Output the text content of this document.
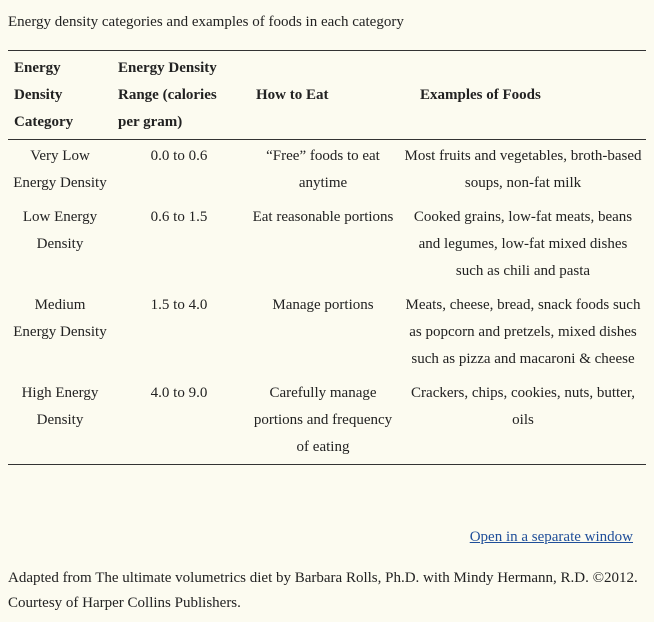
Energy density categories and examples of foods in each category
Energy Density Category	Energy Density Range (calories per gram)	How to Eat	Examples of Foods
Very Low Energy Density	0.0 to 0.6	“Free” foods to eat anytime	Most fruits and vegetables, broth-based soups, non-fat milk
Low Energy Density	0.6 to 1.5	Eat reasonable portions	Cooked grains, low-fat meats, beans and legumes, low-fat mixed dishes such as chili and pasta
Medium Energy Density	1.5 to 4.0	Manage portions	Meats, cheese, bread, snack foods such as popcorn and pretzels, mixed dishes such as pizza and macaroni & cheese
High Energy Density	4.0 to 9.0	Carefully manage portions and frequency of eating	Crackers, chips, cookies, nuts, butter, oils
Open in a separate window
Adapted from The ultimate volumetrics diet by Barbara Rolls, Ph.D. with Mindy Hermann, R.D. ©2012. Courtesy of Harper Collins Publishers.
